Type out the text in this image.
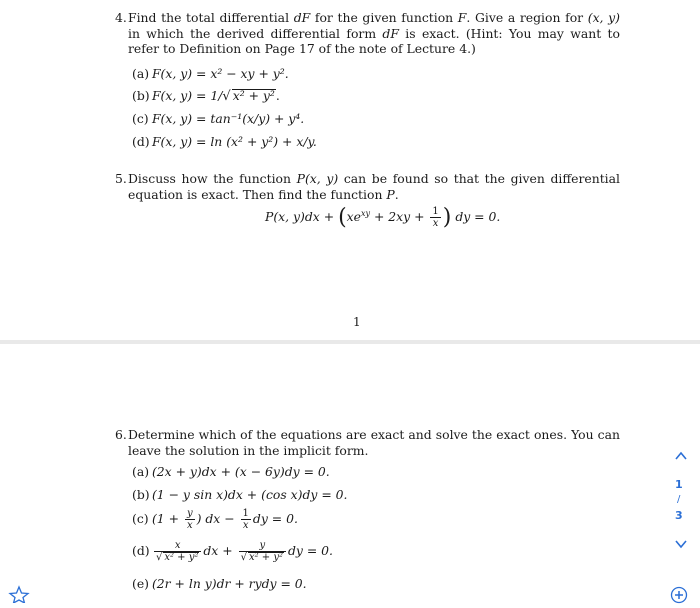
4. Find the total differential dF for the given function F. Give a region for (x, y) in which the derived differential form dF is exact. (Hint: You may want to refer to Definition on Page 17 of the note of Lecture 4.)
(a) F(x, y) = x² − xy + y².
(b) F(x, y) = 1/√ x² + y².
(c) F(x, y) = tan⁻¹(x/y) + y⁴.
(d) F(x, y) = ln (x² + y²) + x/y.
5. Discuss how the function P(x, y) can be found so that the given differential equation is exact. Then find the function P.
P(x, $y)dx + (xe^{xy} + 2xy + \frac{1}{x}$ ) dy = 0.
1
6. Determine which of the equations are exact and solve the exact ones. You can leave the solution in the implicit form.
(a) (2x + y)dx + (x − 6y)dy = 0.
(b) (1 − y sin x)dx + (cos x)dy = 0.
(c) ($1 + \frac{y}{x}$ ) dx − $\frac{1}{x}$ dy = 0.
$(d) \frac{x}{\text{√ x² + y²}}$ dx + $\frac{y}{\text{√ x² + y²}}$ dy = 0.
(e) (2r + ln y)dr + rydy = 0.
1
/
3
